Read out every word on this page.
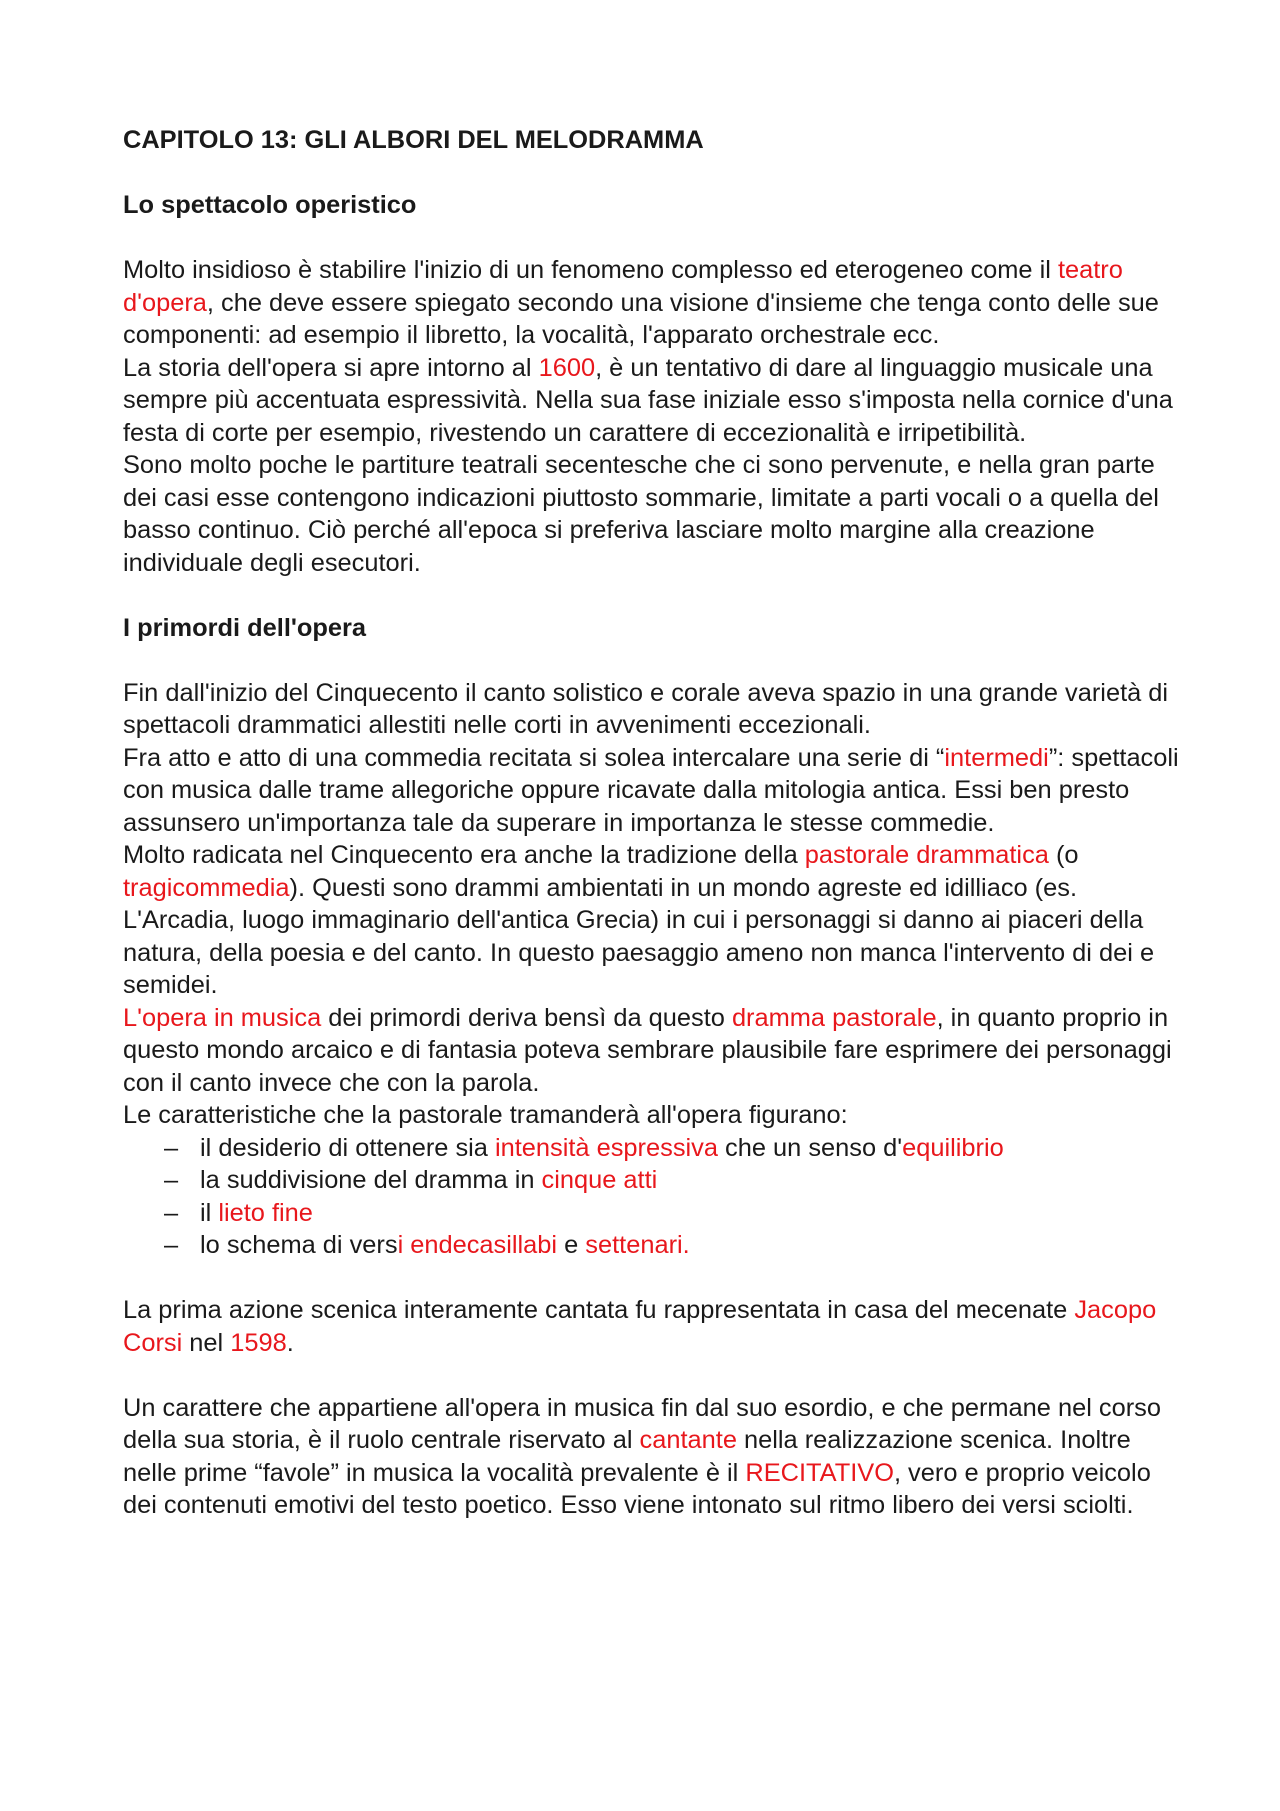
CAPITOLO 13: GLI ALBORI DEL MELODRAMMA

Lo spettacolo operistico

Molto insidioso è stabilire l'inizio di un fenomeno complesso ed eterogeneo come il teatro d'opera, che deve essere spiegato secondo una visione d'insieme che tenga conto delle sue componenti: ad esempio il libretto, la vocalità, l'apparato orchestrale ecc.

La storia dell'opera si apre intorno al 1600, è un tentativo di dare al linguaggio musicale una sempre più accentuata espressività. Nella sua fase iniziale esso s'imposta nella cornice d'una festa di corte per esempio, rivestendo un carattere di eccezionalità e irripetibilità.

Sono molto poche le partiture teatrali secentesche che ci sono pervenute, e nella gran parte dei casi esse contengono indicazioni piuttosto sommarie, limitate a parti vocali o a quella del basso continuo. Ciò perché all'epoca si preferiva lasciare molto margine alla creazione individuale degli esecutori.

I primordi dell'opera

Fin dall'inizio del Cinquecento il canto solistico e corale aveva spazio in una grande varietà di spettacoli drammatici allestiti nelle corti in avvenimenti eccezionali.

Fra atto e atto di una commedia recitata si solea intercalare una serie di “intermedi”: spettacoli con musica dalle trame allegoriche oppure ricavate dalla mitologia antica. Essi ben presto assunsero un'importanza tale da superare in importanza le stesse commedie.

Molto radicata nel Cinquecento era anche la tradizione della pastorale drammatica (o tragicommedia). Questi sono drammi ambientati in un mondo agreste ed idilliaco (es. L'Arcadia, luogo immaginario dell'antica Grecia) in cui i personaggi si danno ai piaceri della natura, della poesia e del canto. In questo paesaggio ameno non manca l'intervento di dei e semidei.

L'opera in musica dei primordi deriva bensì da questo dramma pastorale, in quanto proprio in questo mondo arcaico e di fantasia poteva sembrare plausibile fare esprimere dei personaggi con il canto invece che con la parola.

Le caratteristiche che la pastorale tramanderà all'opera figurano:

– il desiderio di ottenere sia intensità espressiva che un senso d'equilibrio
– la suddivisione del dramma in cinque atti
– il lieto fine
– lo schema di versi endecasillabi e settenari.

La prima azione scenica interamente cantata fu rappresentata in casa del mecenate Jacopo Corsi nel 1598.

Un carattere che appartiene all'opera in musica fin dal suo esordio, e che permane nel corso della sua storia, è il ruolo centrale riservato al cantante nella realizzazione scenica. Inoltre nelle prime “favole” in musica la vocalità prevalente è il RECITATIVO, vero e proprio veicolo dei contenuti emotivi del testo poetico. Esso viene intonato sul ritmo libero dei versi sciolti.
